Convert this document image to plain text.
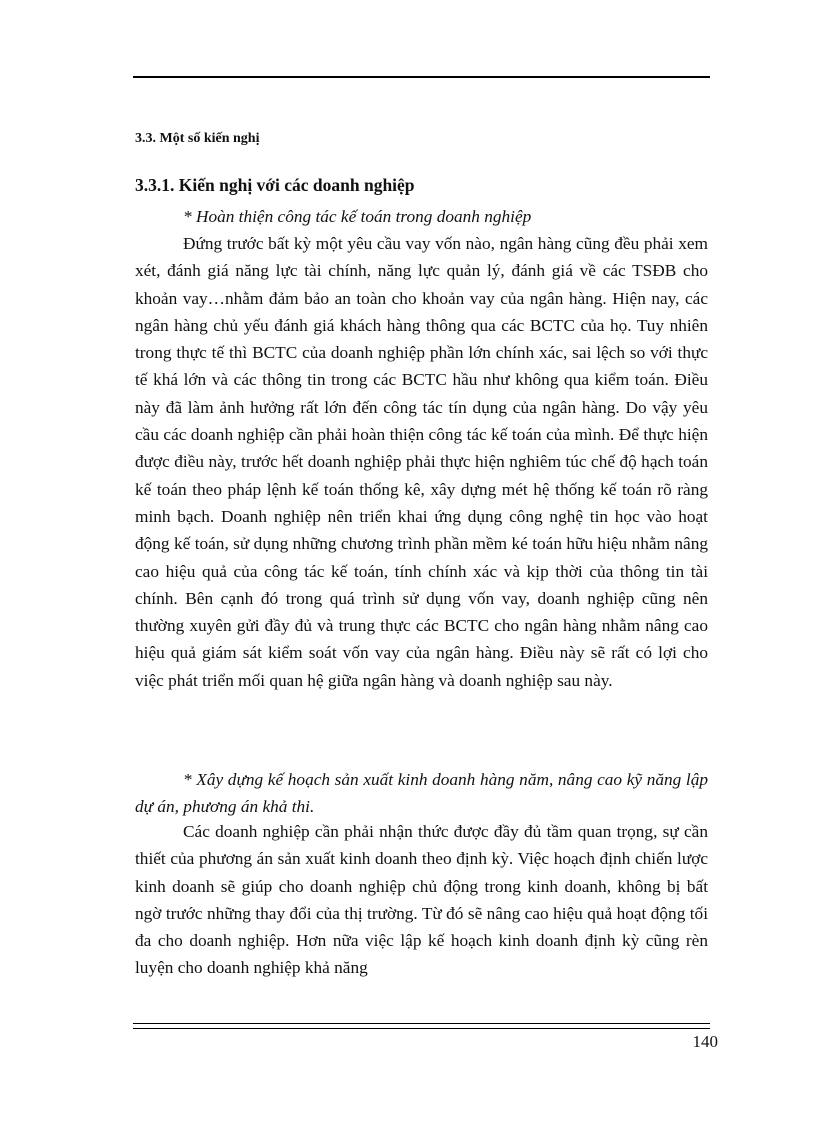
3.3. Một số kiến nghị
3.3.1. Kiến nghị với các doanh nghiệp
* Hoàn thiện công tác kế toán trong doanh nghiệp
Đứng trước bất kỳ một yêu cầu vay vốn nào, ngân hàng cũng đều phải xem xét, đánh giá năng lực tài chính, năng lực quản lý, đánh giá về các TSĐB cho khoản vay…nhằm đảm bảo an toàn cho khoản vay của ngân hàng. Hiện nay, các ngân hàng chủ yếu đánh giá khách hàng thông qua các BCTC của họ. Tuy nhiên trong thực tế thì BCTC của doanh nghiệp phần lớn chính xác, sai lệch so với thực tế khá lớn và các thông tin trong các BCTC hầu như không qua kiểm toán. Điều này đã làm ảnh hưởng rất lớn đến công tác tín dụng của ngân hàng. Do vậy yêu cầu các doanh nghiệp cần phải hoàn thiện công tác kế toán của mình. Để thực hiện được điều này, trước hết doanh nghiệp phải thực hiện nghiêm túc chế độ hạch toán kế toán theo pháp lệnh kế toán thống kê, xây dựng mét hệ thống kế toán rõ ràng minh bạch. Doanh nghiệp nên triển khai ứng dụng công nghệ tin học vào hoạt động kế toán, sử dụng những chương trình phần mềm ké toán hữu hiệu nhằm nâng cao hiệu quả của công tác kế toán, tính chính xác và kịp thời của thông tin tài chính. Bên cạnh đó trong quá trình sử dụng vốn vay, doanh nghiệp cũng nên thường xuyên gửi đầy đủ và trung thực các BCTC cho ngân hàng nhằm nâng cao hiệu quả giám sát kiểm soát vốn vay của ngân hàng. Điều này sẽ rất có lợi cho việc phát triển mối quan hệ giữa ngân hàng và doanh nghiệp sau này.
* Xây dựng kế hoạch sản xuất kinh doanh hàng năm, nâng cao kỹ năng lập dự án, phương án khả thi.
Các doanh nghiệp cần phải nhận thức được đầy đủ tầm quan trọng, sự cần thiết của phương án sản xuất kinh doanh theo định kỳ. Việc hoạch định chiến lược kinh doanh sẽ giúp cho doanh nghiệp chủ động trong kinh doanh, không bị bất ngờ trước những thay đổi của thị trường. Từ đó sẽ nâng cao hiệu quả hoạt động tối đa cho doanh nghiệp. Hơn nữa việc lập kế hoạch kinh doanh định kỳ cũng rèn luyện cho doanh nghiệp khả năng
140
